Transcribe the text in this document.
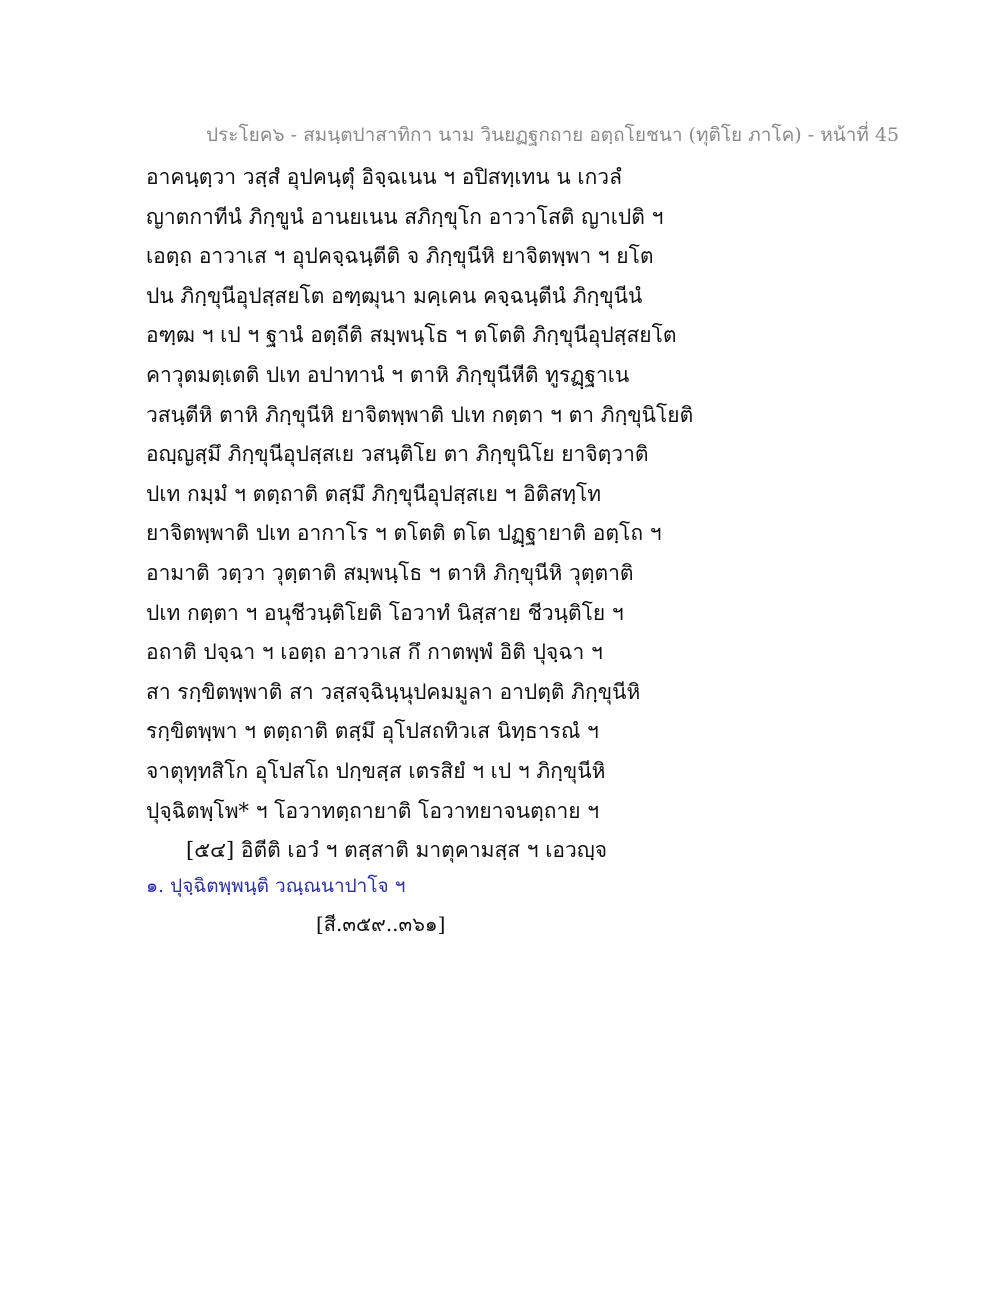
ประโยค๖ - สมนฺตปาสาทิกา นาม วินยฏฐกถาย อตฺถโยชนา (ทุติโย ภาโค) - หน้าที่ 45
อาคนฺตฺวา วสฺสํ อุปคนฺตุํ อิจฺฉเนน ฯ อปิสทฺเทน น เกวลํ
ญาตกาทีนํ ภิกฺขูนํ อานยเนน สภิกฺขุโก อาวาโสติ ญาเปติ ฯ
เอตฺถ อาวาเส ฯ อุปคจฺฉนฺตีติ จ ภิกฺขุนีหิ ยาจิตพฺพา ฯ ยโต
ปน ภิกฺขุนีอุปสฺสยโต อฑฺฒุนา มคฺเคน คจฺฉนฺตีนํ ภิกฺขุนีนํ
อฑฺฒ ฯ เป ฯ ฐานํ อตฺถีติ สมฺพนฺโธ ฯ ตโตติ ภิกฺขุนีอุปสฺสยโต
คาวุตมตฺเตติ ปเท อปาทานํ ฯ ตาหิ ภิกฺขุนีหีติ ทูรฏฺฐาเน
วสนฺตีหิ ตาหิ ภิกฺขุนีหิ ยาจิตพฺพาติ ปเท กตฺตา ฯ ตา ภิกฺขุนิโยติ
อญฺญสฺมึ ภิกฺขุนีอุปสฺสเย วสนฺติโย ตา ภิกฺขุนิโย ยาจิตฺวาติ
ปเท กมฺมํ ฯ ตตฺถาติ ตสฺมึ ภิกฺขุนีอุปสฺสเย ฯ อิติสทฺโท
ยาจิตพฺพาติ ปเท อากาโร ฯ ตโตติ ตโต ปฏฺฐายาติ อตฺโถ ฯ
อามาติ วตฺวา วุตฺตาติ สมฺพนฺโธ ฯ ตาหิ ภิกฺขุนีหิ วุตฺตาติ
ปเท กตฺตา ฯ อนุชีวนฺติโยติ โอวาทํ นิสฺสาย ชีวนฺติโย ฯ
อถาติ ปจฺฉา ฯ เอตฺถ อาวาเส กึ กาตพฺพํ อิติ ปุจฺฉา ฯ
สา รกฺขิตพฺพาติ สา วสฺสจฺฉินฺนุปคมมูลา อาปตฺติ ภิกฺขุนีหิ
รกฺขิตพฺพา ฯ ตตฺถาติ ตสฺมึ อุโปสถทิวเส นิทฺธารณํ ฯ
จาตุทฺทสิโก อุโปสโถ ปกฺขสฺส เตรสิยํ ฯ เป ฯ ภิกฺขุนีหิ
ปุจฺฉิตพฺโพ* ฯ โอวาทตฺถายาติ โอวาทยาจนตฺถาย ฯ
[๕๔] อิตีติ เอวํ ฯ ตสฺสาติ มาตุคามสฺส ฯ เอวญฺจ
๑. ปุจฺฉิตพฺพนฺติ วณฺณนาปาโจ ฯ
[สี.๓๕๙..๓๖๑]
